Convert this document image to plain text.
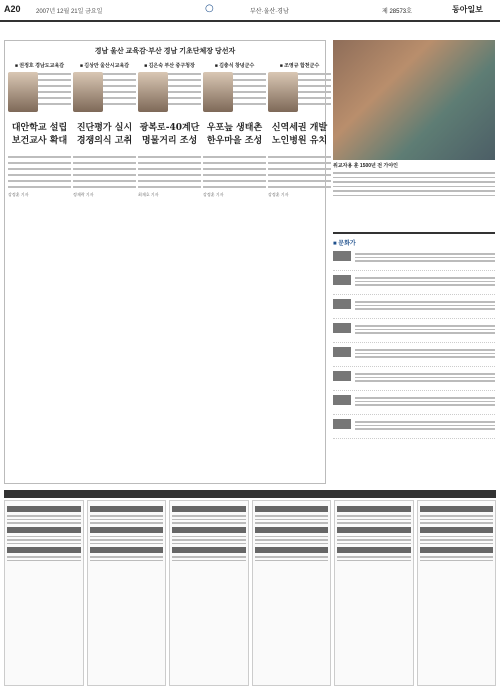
A20	2007년 12월 21일 금요일	○	부산·울산·경남	제 28573호	동아일보
경남 울산 교육감·부산 경남 기초단체장 당선자
■ 권정호 경남도교육감
대안학교 설립 보건교사 확대
강정훈 기자
■ 김상만 울산시교육감
진단평가 실시 경쟁의식 고취
정재락 기자
■ 김은숙 부산 중구청장
광복로-40계단 명물거리 조성
최재호 기자
■ 김충식 창녕군수
우포늪 생태촌 한우마을 조성
강정훈 기자
■ 조영규 합천군수
신역세권 개발 노인병원 유치
강정훈 기자
위교자용 훈 1500년 전 가야인
■ 문화가
